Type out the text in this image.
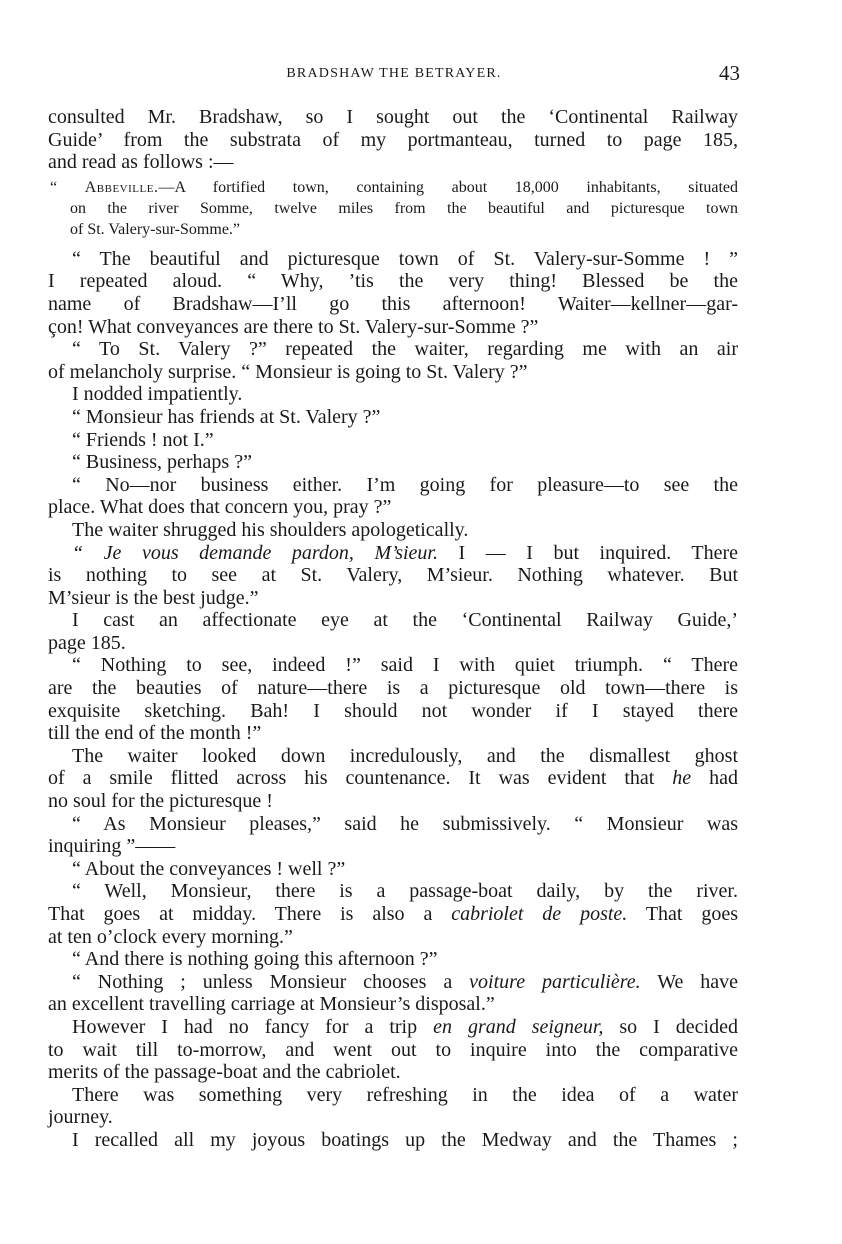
BRADSHAW THE BETRAYER.	43
consulted Mr. Bradshaw, so I sought out the ‘Continental Railway
Guide’ from the substrata of my portmanteau, turned to page 185,
and read as follows :—
“ Abbeville.—A fortified town, containing about 18,000 inhabitants, situated
on the river Somme, twelve miles from the beautiful and picturesque town
of St. Valery-sur-Somme.”
“ The beautiful and picturesque town of St. Valery-sur-Somme ! ”
I repeated aloud. “ Why, ’tis the very thing! Blessed be the
name of Bradshaw—I’ll go this afternoon! Waiter—kellner—gar-
çon! What conveyances are there to St. Valery-sur-Somme ?”
“ To St. Valery ?” repeated the waiter, regarding me with an air
of melancholy surprise. “ Monsieur is going to St. Valery ?”
I nodded impatiently.
“ Monsieur has friends at St. Valery ?”
“ Friends ! not I.”
“ Business, perhaps ?”
“ No—nor business either. I’m going for pleasure—to see the
place. What does that concern you, pray ?”
The waiter shrugged his shoulders apologetically.
“ Je vous demande pardon, M’sieur. I — I but inquired. There
is nothing to see at St. Valery, M’sieur. Nothing whatever. But
M’sieur is the best judge.”
I cast an affectionate eye at the ‘Continental Railway Guide,’
page 185.
“ Nothing to see, indeed !” said I with quiet triumph. “ There
are the beauties of nature—there is a picturesque old town—there is
exquisite sketching. Bah! I should not wonder if I stayed there
till the end of the month !”
The waiter looked down incredulously, and the dismallest ghost
of a smile flitted across his countenance. It was evident that he had
no soul for the picturesque !
“ As Monsieur pleases,” said he submissively. “ Monsieur was
inquiring ”——
“ About the conveyances ! well ?”
“ Well, Monsieur, there is a passage-boat daily, by the river.
That goes at midday. There is also a cabriolet de poste. That goes
at ten o’clock every morning.”
“ And there is nothing going this afternoon ?”
“ Nothing ; unless Monsieur chooses a voiture particulière. We have
an excellent travelling carriage at Monsieur’s disposal.”
However I had no fancy for a trip en grand seigneur, so I decided
to wait till to-morrow, and went out to inquire into the comparative
merits of the passage-boat and the cabriolet.
There was something very refreshing in the idea of a water
journey.
I recalled all my joyous boatings up the Medway and the Thames ;
